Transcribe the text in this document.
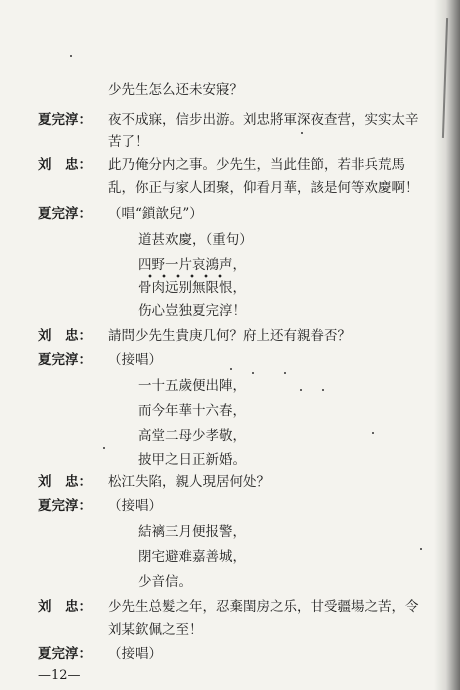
少先生怎么还未安寢？
夏完淳： 夜不成寐，信步出游。刘忠將軍深夜查营，实实太辛
苦了！
刘　忠： 此乃俺分内之事。少先生，当此佳節，若非兵荒馬
乱，你正与家人团聚，仰看月華，該是何等欢慶啊！
夏完淳： （唱“鎖歆兒”）
道甚欢慶，（重句）
四野一片哀鴻声，
骨肉远别無限恨，
伤心豈独夏完淳！
刘　忠： 請問少先生貴庚几何？府上还有親眷否？
夏完淳： （接唱）
一十五歲便出陣，
而今年華十六春，
高堂二母少孝敬，
披甲之日正新婚。
刘　忠： 松江失陷，親人現居何处？
夏完淳： （接唱）
結褵三月便报警，
閉宅避难嘉善城，
少音信。
刘　忠： 少先生总髮之年，忍棄閨房之乐，甘受疆場之苦，令
刘某欽佩之至！
夏完淳： （接唱）
—12—
